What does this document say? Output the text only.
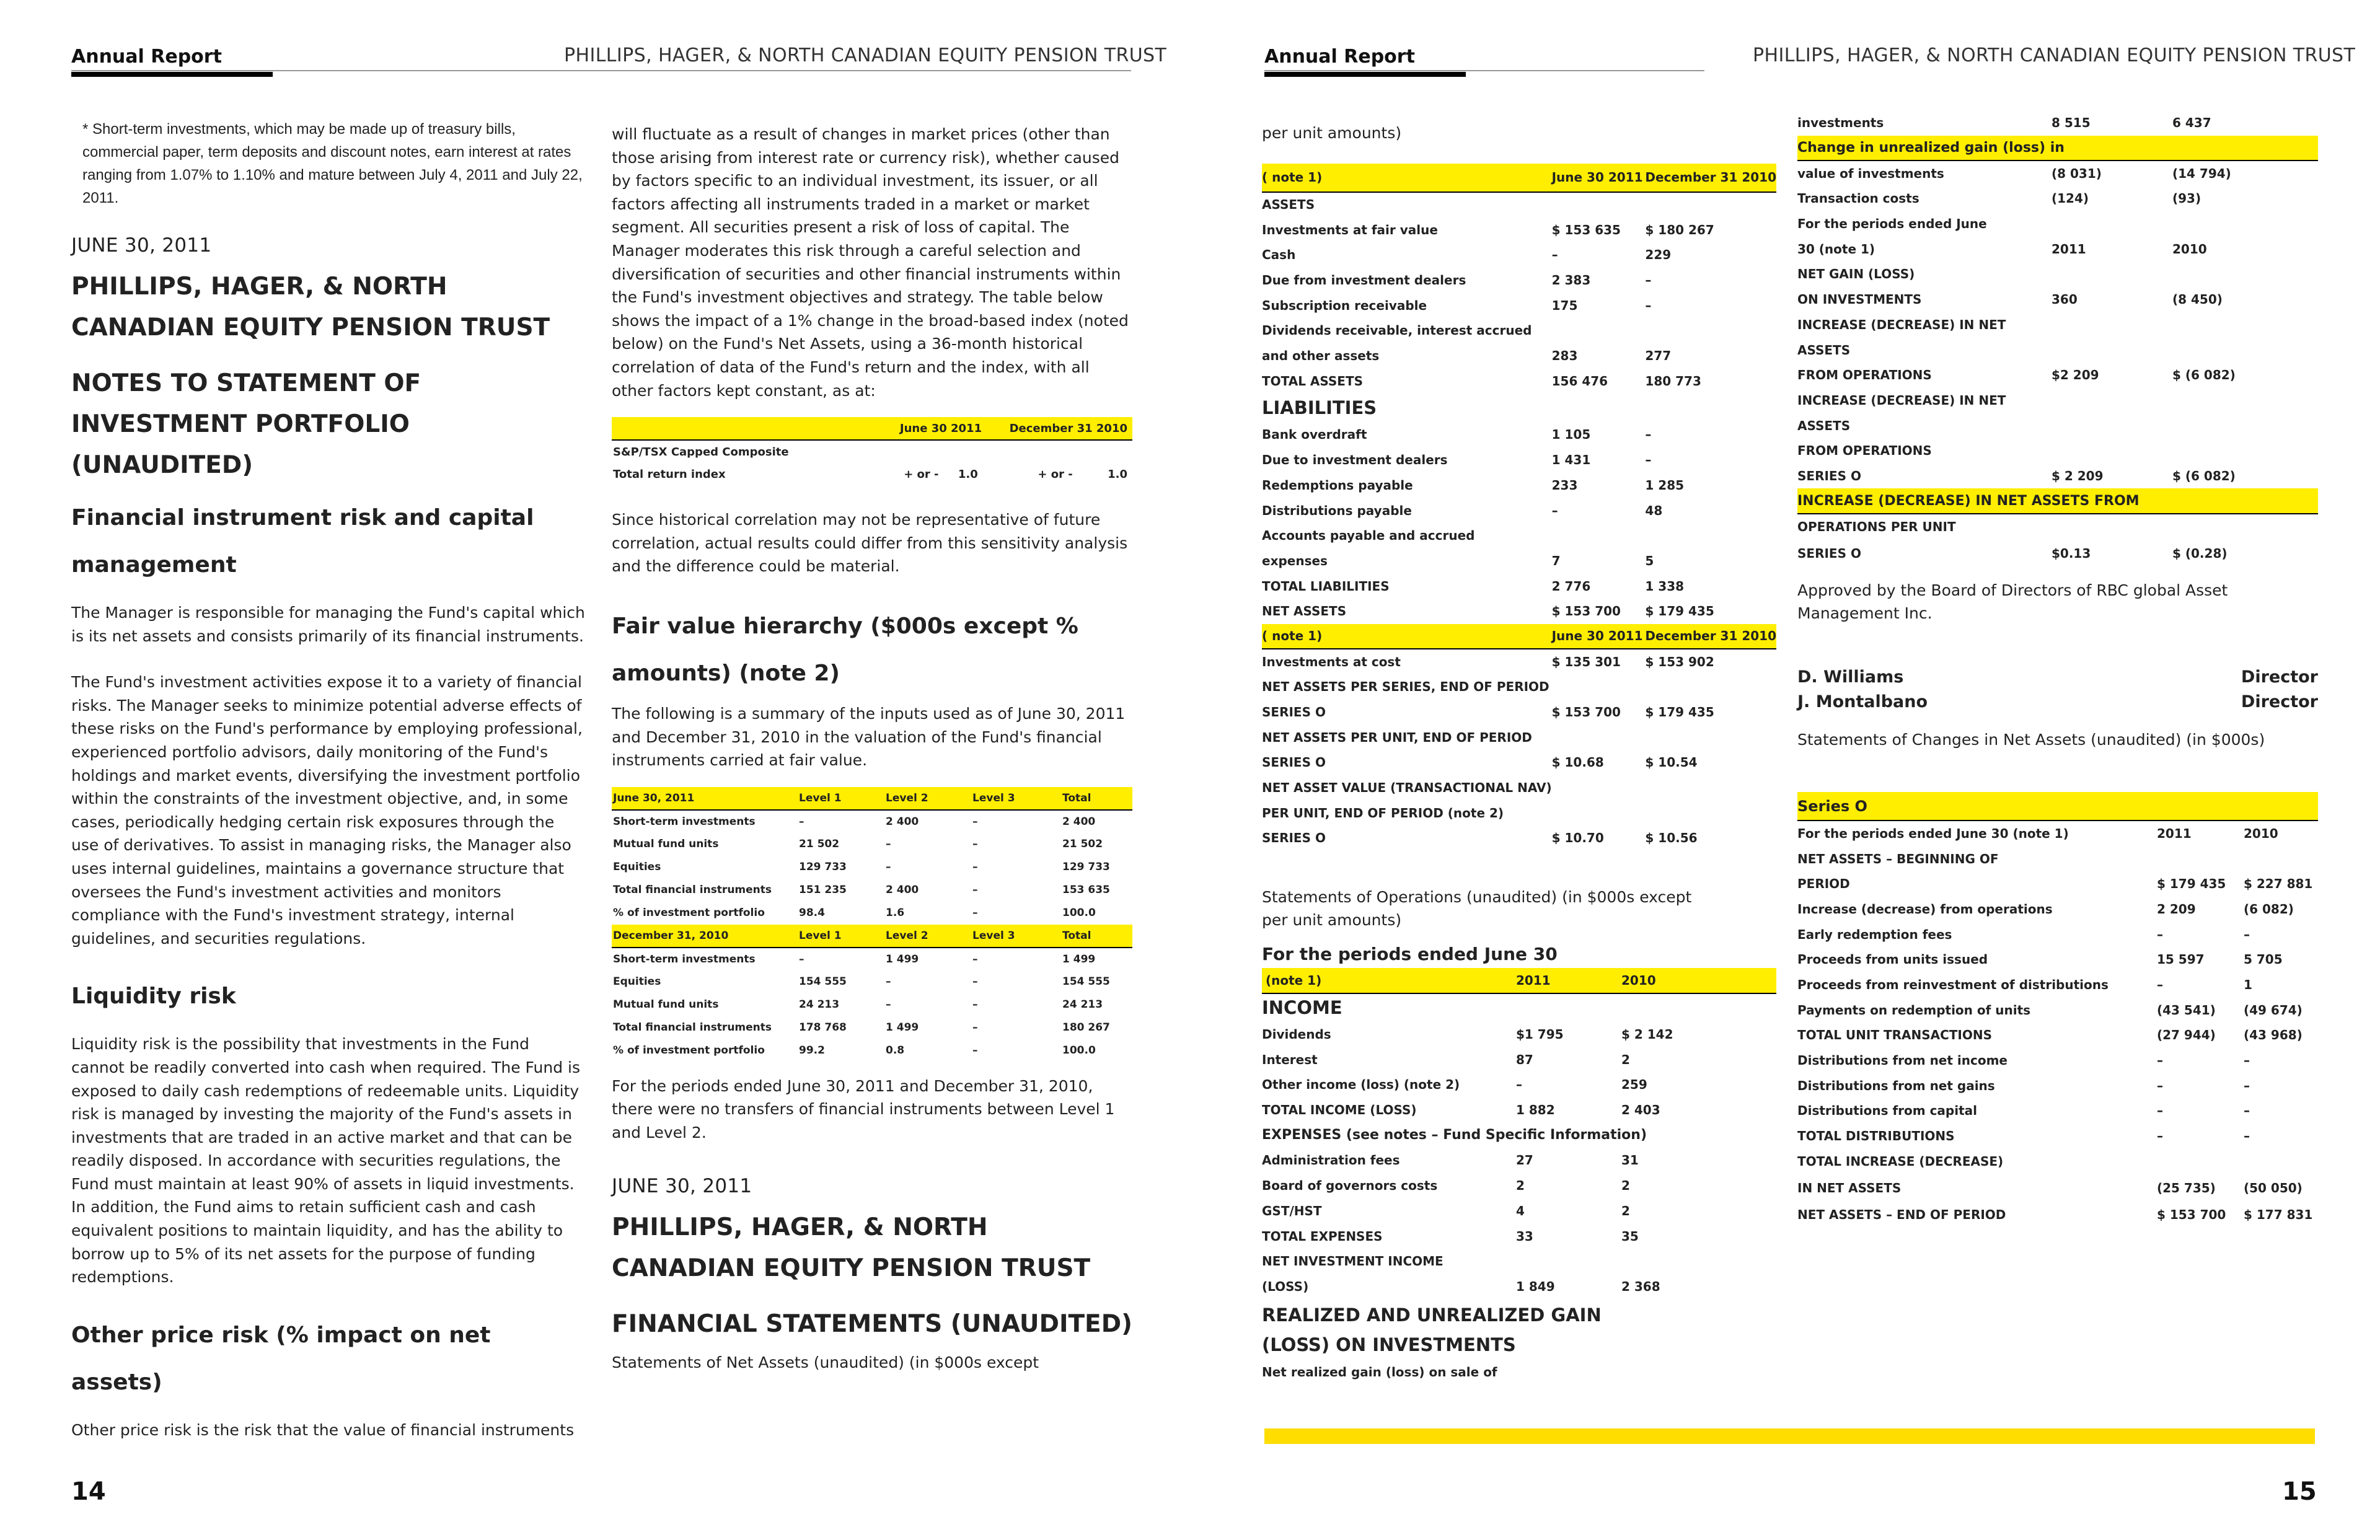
Annual Report	PHILLIPS, HAGER, & NORTH CANADIAN EQUITY PENSION TRUST

* Short-term investments, which may be made up of treasury bills, commercial paper, term deposits and discount notes, earn interest at rates ranging from 1.07% to 1.10% and mature between July 4, 2011 and July 22, 2011.

JUNE 30, 2011
PHILLIPS, HAGER, & NORTH CANADIAN EQUITY PENSION TRUST
NOTES TO STATEMENT OF INVESTMENT PORTFOLIO (UNAUDITED)
Financial instrument risk and capital management

The Manager is responsible for managing the Fund's capital which is its net assets and consists primarily of its financial instruments.

The Fund's investment activities expose it to a variety of financial risks. The Manager seeks to minimize potential adverse effects of these risks on the Fund's performance by employing professional, experienced portfolio advisors, daily monitoring of the Fund's holdings and market events, diversifying the investment portfolio within the constraints of the investment objective, and, in some cases, periodically hedging certain risk exposures through the use of derivatives. To assist in managing risks, the Manager also uses internal guidelines, maintains a governance structure that oversees the Fund's investment activities and monitors compliance with the Fund's investment strategy, internal guidelines, and securities regulations.

Liquidity risk

Liquidity risk is the possibility that investments in the Fund cannot be readily converted into cash when required. The Fund is exposed to daily cash redemptions of redeemable units. Liquidity risk is managed by investing the majority of the Fund's assets in investments that are traded in an active market and that can be readily disposed. In accordance with securities regulations, the Fund must maintain at least 90% of assets in liquid investments. In addition, the Fund aims to retain sufficient cash and cash equivalent positions to maintain liquidity, and has the ability to borrow up to 5% of its net assets for the purpose of funding redemptions.

Other price risk (% impact on net assets)

Other price risk is the risk that the value of financial instruments

will fluctuate as a result of changes in market prices (other than those arising from interest rate or currency risk), whether caused by factors specific to an individual investment, its issuer, or all factors affecting all instruments traded in a market or market segment. All securities present a risk of loss of capital. The Manager moderates this risk through a careful selection and diversification of securities and other financial instruments within the Fund's investment objectives and strategy. The table below shows the impact of a 1% change in the broad-based index (noted below) on the Fund's Net Assets, using a 36-month historical correlation of data of the Fund's return and the index, with all other factors kept constant, as at:

	June 30 2011	December 31 2010
S&P/TSX Capped Composite		
Total return index	+ or - 1.0	+ or - 1.0

Since historical correlation may not be representative of future correlation, actual results could differ from this sensitivity analysis and the difference could be material.

Fair value hierarchy ($000s except % amounts) (note 2)

The following is a summary of the inputs used as of June 30, 2011 and December 31, 2010 in the valuation of the Fund's financial instruments carried at fair value.

June 30, 2011	Level 1	Level 2	Level 3	Total
Short-term investments	–	2 400	–	2 400
Mutual fund units	21 502	–	–	21 502
Equities	129 733	–	–	129 733
Total financial instruments	151 235	2 400	–	153 635
% of investment portfolio	98.4	1.6	–	100.0
December 31, 2010	Level 1	Level 2	Level 3	Total
Short-term investments	–	1 499	–	1 499
Equities	154 555	–	–	154 555
Mutual fund units	24 213	–	–	24 213
Total financial instruments	178 768	1 499	–	180 267
% of investment portfolio	99.2	0.8	–	100.0

For the periods ended June 30, 2011 and December 31, 2010, there were no transfers of financial instruments between Level 1 and Level 2.

JUNE 30, 2011
PHILLIPS, HAGER, & NORTH CANADIAN EQUITY PENSION TRUST
FINANCIAL STATEMENTS (UNAUDITED)

Statements of Net Assets (unaudited) (in $000s except

14
Annual Report	PHILLIPS, HAGER, & NORTH CANADIAN EQUITY PENSION TRUST

per unit amounts)

( note 1)	June 30 2011	December 31 2010
ASSETS		
Investments at fair value	$ 153 635	$ 180 267
Cash	–	229
Due from investment dealers	2 383	–
Subscription receivable	175	–
Dividends receivable, interest accrued		
and other assets	283	277
TOTAL ASSETS	156 476	180 773
LIABILITIES		
Bank overdraft	1 105	–
Due to investment dealers	1 431	–
Redemptions payable	233	1 285
Distributions payable	–	48
Accounts payable and accrued		
expenses	7	5
TOTAL LIABILITIES	2 776	1 338
NET ASSETS	$ 153 700	$ 179 435
( note 1)	June 30 2011	December 31 2010
Investments at cost	$ 135 301	$ 153 902
NET ASSETS PER SERIES, END OF PERIOD		
SERIES O	$ 153 700	$ 179 435
NET ASSETS PER UNIT, END OF PERIOD		
SERIES O	$ 10.68	$ 10.54
NET ASSET VALUE (TRANSACTIONAL NAV)		
PER UNIT, END OF PERIOD (note 2)		
SERIES O	$ 10.70	$ 10.56

Statements of Operations (unaudited) (in $000s except per unit amounts)

For the periods ended June 30
(note 1)	2011	2010
INCOME		
Dividends	$1 795	$ 2 142
Interest	87	2
Other income (loss) (note 2)	–	259
TOTAL INCOME (LOSS)	1 882	2 403
EXPENSES (see notes – Fund Specific Information)		
Administration fees	27	31
Board of governors costs	2	2
GST/HST	4	2
TOTAL EXPENSES	33	35
NET INVESTMENT INCOME		
(LOSS)	1 849	2 368
REALIZED AND UNREALIZED GAIN (LOSS) ON INVESTMENTS
Net realized gain (loss) on sale of
investments	8 515	6 437
Change in unrealized gain (loss) in		
value of investments	(8 031)	(14 794)
Transaction costs	(124)	(93)
For the periods ended June		
30 (note 1)	2011	2010
NET GAIN (LOSS)		
ON INVESTMENTS	360	(8 450)
INCREASE (DECREASE) IN NET		
ASSETS		
FROM OPERATIONS	$2 209	$ (6 082)
INCREASE (DECREASE) IN NET		
ASSETS		
FROM OPERATIONS		
SERIES O	$ 2 209	$ (6 082)
INCREASE (DECREASE) IN NET ASSETS FROM		
OPERATIONS PER UNIT		
SERIES O	$0.13	$ (0.28)

Approved by the Board of Directors of RBC global Asset Management Inc.

D. Williams	Director
J. Montalbano	Director

Statements of Changes in Net Assets (unaudited) (in $000s)

Series O		
For the periods ended June 30 (note 1)	2011	2010
NET ASSETS – BEGINNING OF		
PERIOD	$ 179 435	$ 227 881
Increase (decrease) from operations	2 209	(6 082)
Early redemption fees	–	–
Proceeds from units issued	15 597	5 705
Proceeds from reinvestment of distributions	–	1
Payments on redemption of units	(43 541)	(49 674)
TOTAL UNIT TRANSACTIONS	(27 944)	(43 968)
Distributions from net income	–	–
Distributions from net gains	–	–
Distributions from capital	–	–
TOTAL DISTRIBUTIONS	–	–
TOTAL INCREASE (DECREASE)		
IN NET ASSETS	(25 735)	(50 050)
NET ASSETS – END OF PERIOD	$ 153 700	$ 177 831
15
